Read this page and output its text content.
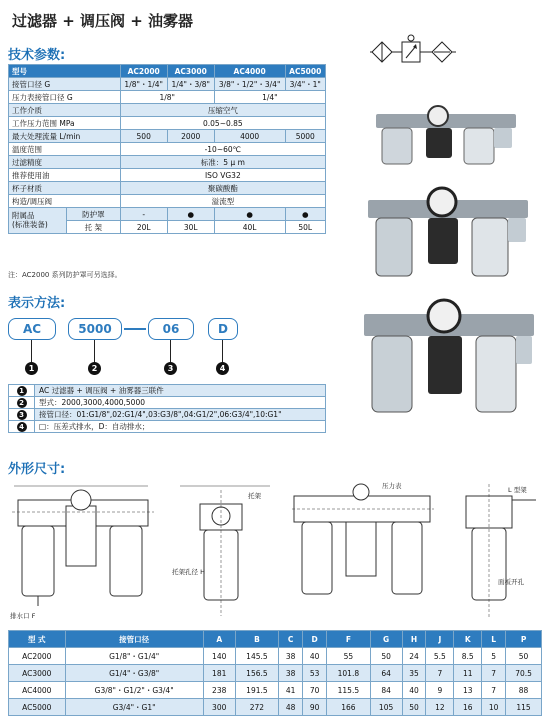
过滤器 + 调压阀 + 油雾器
技术参数:
型号		AC2000	AC3000	AC4000	AC5000
接管口径 G		1/8"・1/4"	1/4"・3/8"	3/8"・1/2"・3/4"	3/4"・1"
压力表接管口径 G		1/8"		1/4"	
工作介质		压缩空气			
工作压力范围 MPa		0.05~0.85			
最大处理流量 L/min		500	2000	4000	5000
温度范围		-10~60℃			
过滤精度		标准：5 μ m			
推荐使用油		ISO VG32			
杯子材质		聚碳酸酯			
构造/调压阀		溢流型			
附属品
(标准装备)	防护罩	-	●	●	●
	托 架	20L	30L	40L	50L
注：AC2000 系列防护罩可另选择。
表示方法:
AC	5000	06	D
1	2	3	4
1	AC 过滤器 + 调压阀 + 油雾器三联件
2	型式：2000,3000,4000,5000
3	接管口径：01:G1/8",02:G1/4",03:G3/8",04:G1/2",06:G3/4",10:G1"
4	□：压差式排水，D：自动排水；
外形尺寸:
排水口 F
托架
托架孔径 H
压力表	L 型架
面板开孔
型 式	接管口径	A	B	C	D	F	G	H	J	K	L	P
AC2000	G1/8"・G1/4"	140	145.5	38	40	55	50	24	5.5	8.5	5	50
AC3000	G1/4"・G3/8"	181	156.5	38	53	101.8	64	35	7	11	7	70.5
AC4000	G3/8"・G1/2"・G3/4"	238	191.5	41	70	115.5	84	40	9	13	7	88
AC5000	G3/4"・G1"	300	272	48	90	166	105	50	12	16	10	115
